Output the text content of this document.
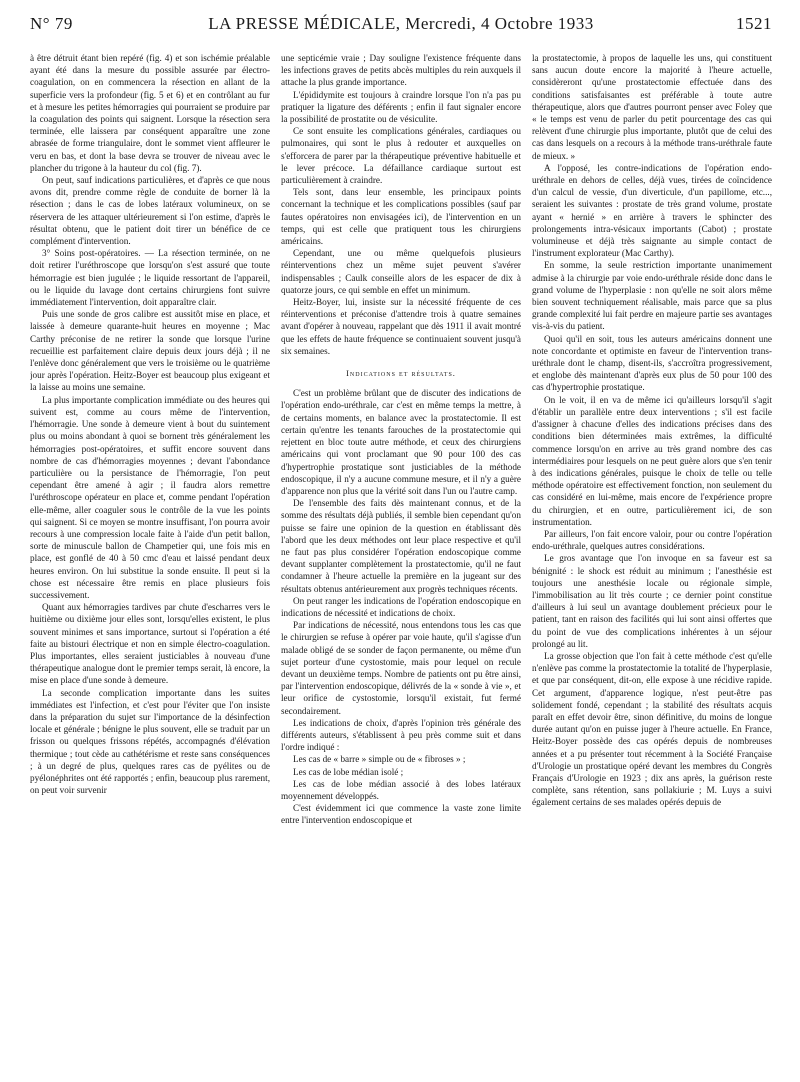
N° 79	LA PRESSE MÉDICALE, Mercredi, 4 Octobre 1933	1521

à être détruit étant bien repéré (fig. 4) et son ischémie préalable ayant été dans la mesure du possible assurée par électro-coagulation, on en commencera la résection en allant de la superficie vers la profondeur (fig. 5 et 6) et en contrôlant au fur et à mesure les petites hémorragies qui pourraient se produire par la coagulation des points qui saignent. Lorsque la résection sera terminée, elle laissera par conséquent apparaître une zone abrasée de forme triangulaire, dont le sommet vient affleurer le veru en bas, et dont la base devra se trouver de niveau avec le plancher du trigone à la hauteur du col (fig. 7).

On peut, sauf indications particulières, et d'après ce que nous avons dit, prendre comme règle de conduite de borner là la résection ; dans le cas de lobes latéraux volumineux, on se réservera de les attaquer ultérieurement si l'on estime, d'après le résultat obtenu, que le patient doit tirer un bénéfice de ce complément d'intervention.

3° Soins post-opératoires. — La résection terminée, on ne doit retirer l'uréthroscope que lorsqu'on s'est assuré que toute hémorragie est bien jugulée ; le liquide ressortant de l'appareil, ou le liquide du lavage dont certains chirurgiens font suivre immédiatement l'intervention, doit apparaître clair.

Puis une sonde de gros calibre est aussitôt mise en place, et laissée à demeure quarante-huit heures en moyenne ; Mac Carthy préconise de ne retirer la sonde que lorsque l'urine recueillie est parfaitement claire depuis deux jours déjà ; il ne l'enlève donc généralement que vers le troisième ou le quatrième jour après l'opération. Heitz-Boyer est beaucoup plus exigeant et la laisse au moins une semaine.

La plus importante complication immédiate ou des heures qui suivent est, comme au cours même de l'intervention, l'hémorragie. Une sonde à demeure vient à bout du suintement plus ou moins abondant à quoi se bornent très généralement les hémorragies post-opératoires, et suffit encore souvent dans nombre de cas d'hémorragies moyennes ; devant l'abondance particulière ou la persistance de l'hémorragie, l'on peut cependant être amené à agir ; il faudra alors remettre l'uréthroscope opérateur en place et, comme pendant l'opération elle-même, aller coaguler sous le contrôle de la vue les points qui saignent. Si ce moyen se montre insuffisant, l'on pourra avoir recours à une compression locale faite à l'aide d'un petit ballon, sorte de minuscule ballon de Champetier qui, une fois mis en place, est gonflé de 40 à 50 cmc d'eau et laissé pendant deux heures environ. On lui substitue la sonde ensuite. Il peut si la chose est nécessaire être remis en place plusieurs fois successivement.

Quant aux hémorragies tardives par chute d'escharres vers le huitième ou dixième jour elles sont, lorsqu'elles existent, le plus souvent minimes et sans importance, surtout si l'opération a été faite au bistouri électrique et non en simple électro-coagulation. Plus importantes, elles seraient justiciables à nouveau d'une thérapeutique analogue dont le premier temps serait, là encore, la mise en place d'une sonde à demeure.

La seconde complication importante dans les suites immédiates est l'infection, et c'est pour l'éviter que l'on insiste dans la préparation du sujet sur l'importance de la désinfection locale et générale ; bénigne le plus souvent, elle se traduit par un frisson ou quelques frissons répétés, accompagnés d'élévation thermique ; tout cède au cathétérisme et reste sans conséquences ; à un degré de plus, quelques rares cas de pyélites ou de pyélonéphrites ont été rapportés ; enfin, beaucoup plus rarement, on peut voir survenir

une septicémie vraie ; Day souligne l'existence fréquente dans les infections graves de petits abcès multiples du rein auxquels il attache la plus grande importance.

L'épididymite est toujours à craindre lorsque l'on n'a pas pu pratiquer la ligature des déférents ; enfin il faut signaler encore la possibilité de prostatite ou de vésiculite.

Ce sont ensuite les complications générales, cardiaques ou pulmonaires, qui sont le plus à redouter et auxquelles on s'efforcera de parer par la thérapeutique préventive habituelle et le lever précoce. La défaillance cardiaque surtout est particulièrement à craindre.

Tels sont, dans leur ensemble, les principaux points concernant la technique et les complications possibles (sauf par fautes opératoires non envisagées ici), de l'intervention en un temps, qui est celle que pratiquent tous les chirurgiens américains.

Cependant, une ou même quelquefois plusieurs réinterventions chez un même sujet peuvent s'avérer indispensables ; Caulk conseille alors de les espacer de dix à quatorze jours, ce qui semble en effet un minimum.

Heitz-Boyer, lui, insiste sur la nécessité fréquente de ces réinterventions et préconise d'attendre trois à quatre semaines avant d'opérer à nouveau, rappelant que dès 1911 il avait montré que les effets de haute fréquence se continuaient souvent jusqu'à six semaines.

Indications et résultats.

C'est un problème brûlant que de discuter des indications de l'opération endo-uréthrale, car c'est en même temps la mettre, à de certains moments, en balance avec la prostatectomie. Il est certain qu'entre les tenants farouches de la prostatectomie qui rejettent en bloc toute autre méthode, et ceux des chirurgiens américains qui vont proclamant que 90 pour 100 des cas d'hypertrophie prostatique sont justiciables de la méthode endoscopique, il n'y a aucune commune mesure, et il n'y a guère d'apparence non plus que la vérité soit dans l'un ou l'autre camp.

De l'ensemble des faits dès maintenant connus, et de la somme des résultats déjà publiés, il semble bien cependant qu'on puisse se faire une opinion de la question en établissant dès l'abord que les deux méthodes ont leur place respective et qu'il ne faut pas plus considérer l'opération endoscopique comme devant supplanter complètement la prostatectomie, qu'il ne faut condamner à l'heure actuelle la première en la jugeant sur des résultats obtenus antérieurement aux progrès techniques récents.

On peut ranger les indications de l'opération endoscopique en indications de nécessité et indications de choix.

Par indications de nécessité, nous entendons tous les cas que le chirurgien se refuse à opérer par voie haute, qu'il s'agisse d'un malade obligé de se sonder de façon permanente, ou même d'un sujet porteur d'une cystostomie, mais pour lequel on recule devant un deuxième temps. Nombre de patients ont pu être ainsi, par l'intervention endoscopique, délivrés de la « sonde à vie », et leur orifice de cystostomie, lorsqu'il existait, fut fermé secondairement.

Les indications de choix, d'après l'opinion très générale des différents auteurs, s'établissent à peu près comme suit et dans l'ordre indiqué :

Les cas de « barre » simple ou de « fibroses » ;

Les cas de lobe médian isolé ;

Les cas de lobe médian associé à des lobes latéraux moyennement développés.

C'est évidemment ici que commence la vaste zone limite entre l'intervention endoscopique et

la prostatectomie, à propos de laquelle les uns, qui constituent sans aucun doute encore la majorité à l'heure actuelle, considèreront qu'une prostatectomie effectuée dans des conditions satisfaisantes est préférable à toute autre thérapeutique, alors que d'autres pourront penser avec Foley que « le temps est venu de parler du petit pourcentage des cas qui relèvent d'une chirurgie plus importante, plutôt que de celui des cas dans lesquels on a recours à la méthode trans-uréthrale faute de mieux. »

A l'opposé, les contre-indications de l'opération endo-uréthrale en dehors de celles, déjà vues, tirées de coïncidence d'un calcul de vessie, d'un diverticule, d'un papillome, etc..., seraient les suivantes : prostate de très grand volume, prostate ayant « hernié » en arrière à travers le sphincter des prolongements intra-vésicaux importants (Cabot) ; prostate volumineuse et déjà très saignante au simple contact de l'instrument explorateur (Mac Carthy).

En somme, la seule restriction importante unanimement admise à la chirurgie par voie endo-uréthrale réside donc dans le grand volume de l'hyperplasie : non qu'elle ne soit alors même bien souvent techniquement réalisable, mais parce que sa plus grande complexité lui fait perdre en majeure partie ses avantages vis-à-vis du patient.

Quoi qu'il en soit, tous les auteurs américains donnent une note concordante et optimiste en faveur de l'intervention trans-uréthrale dont le champ, disent-ils, s'accroîtra progressivement, et englobe dès maintenant d'après eux plus de 50 pour 100 des cas d'hypertrophie prostatique.

On le voit, il en va de même ici qu'ailleurs lorsqu'il s'agit d'établir un parallèle entre deux interventions ; s'il est facile d'assigner à chacune d'elles des indications précises dans des conditions bien déterminées mais extrêmes, la difficulté commence lorsqu'on en arrive au très grand nombre des cas intermédiaires pour lesquels on ne peut guère alors que s'en tenir à des indications générales, puisque le choix de telle ou telle méthode opératoire est effectivement fonction, non seulement du cas considéré en lui-même, mais encore de l'expérience propre du chirurgien, et en outre, particulièrement ici, de son instrumentation.

Par ailleurs, l'on fait encore valoir, pour ou contre l'opération endo-uréthrale, quelques autres considérations.

Le gros avantage que l'on invoque en sa faveur est sa bénignité : le shock est réduit au minimum ; l'anesthésie est toujours une anesthésie locale ou régionale simple, l'immobilisation au lit très courte ; ce dernier point constitue d'ailleurs à lui seul un avantage doublement précieux pour le patient, tant en raison des facilités qui lui sont ainsi offertes que du point de vue des complications inhérentes à un séjour prolongé au lit.

La grosse objection que l'on fait à cette méthode c'est qu'elle n'enlève pas comme la prostatectomie la totalité de l'hyperplasie, et que par conséquent, dit-on, elle expose à une récidive rapide. Cet argument, d'apparence logique, n'est peut-être pas solidement fondé, cependant ; la stabilité des résultats acquis paraît en effet devoir être, sinon définitive, du moins de longue durée autant qu'on en puisse juger à l'heure actuelle. En France, Heitz-Boyer possède des cas opérés depuis de nombreuses années et a pu présenter tout récemment à la Société Française d'Urologie un prostatique opéré devant les membres du Congrès Français d'Urologie en 1923 ; dix ans après, la guérison reste complète, sans rétention, sans pollakiurie ; M. Luys a suivi également certains de ses malades opérés depuis de
